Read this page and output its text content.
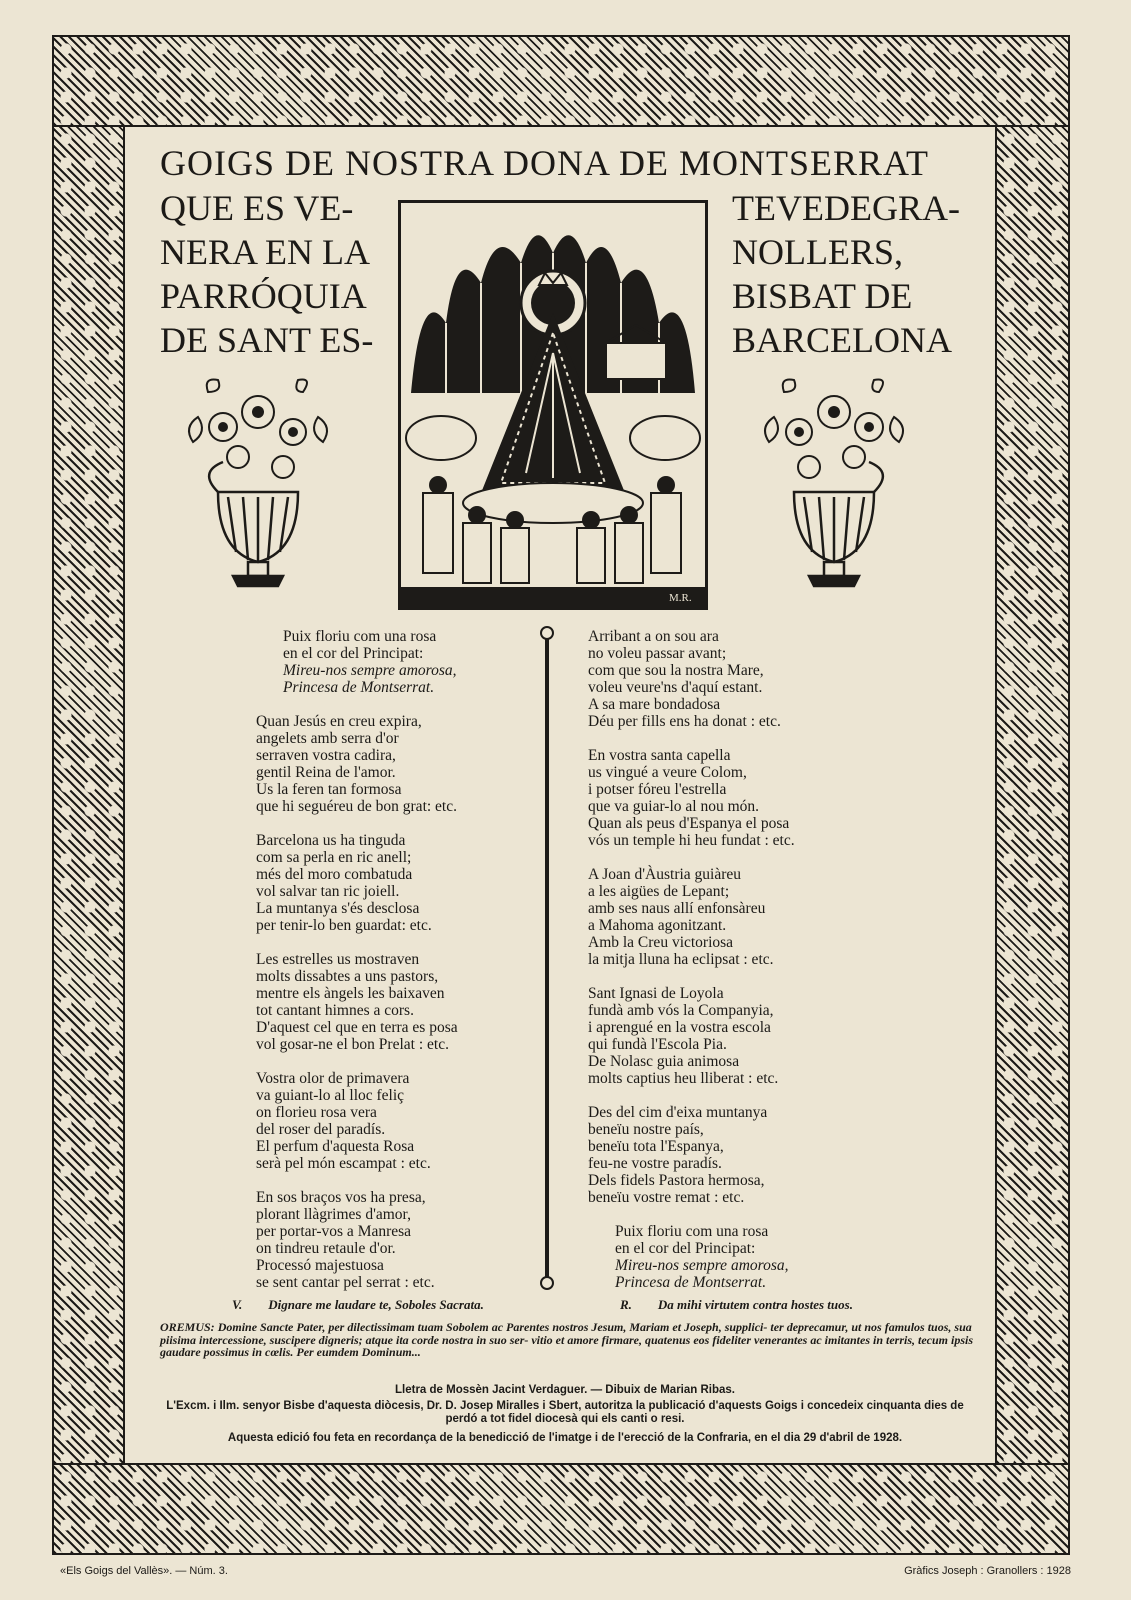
GOIGS DE NOSTRA DONA DE MONTSERRAT
QUE ES VE-
NERA EN LA
PARRÓQUIA
DE SANT ES-
TEVEDEGRA-
NOLLERS,
BISBAT DE
BARCELONA
M.R.
Puix floriu com una rosa
en el cor del Principat:
Mireu-nos sempre amorosa,
Princesa de Montserrat.
Quan Jesús en creu expira,
angelets amb serra d'or
serraven vostra cadira,
gentil Reina de l'amor.
Us la feren tan formosa
que hi seguéreu de bon grat: etc.
Barcelona us ha tinguda
com sa perla en ric anell;
més del moro combatuda
vol salvar tan ric joiell.
La muntanya s'és desclosa
per tenir-lo ben guardat: etc.
Les estrelles us mostraven
molts dissabtes a uns pastors,
mentre els àngels les baixaven
tot cantant himnes a cors.
D'aquest cel que en terra es posa
vol gosar-ne el bon Prelat : etc.
Vostra olor de primavera
va guiant-lo al lloc feliç
on florieu rosa vera
del roser del paradís.
El perfum d'aquesta Rosa
serà pel món escampat : etc.
En sos braços vos ha presa,
plorant llàgrimes d'amor,
per portar-vos a Manresa
on tindreu retaule d'or.
Processó majestuosa
se sent cantar pel serrat : etc.
Arribant a on sou ara
no voleu passar avant;
com que sou la nostra Mare,
voleu veure'ns d'aquí estant.
A sa mare bondadosa
Déu per fills ens ha donat : etc.
En vostra santa capella
us vingué a veure Colom,
i potser fóreu l'estrella
que va guiar-lo al nou món.
Quan als peus d'Espanya el posa
vós un temple hi heu fundat : etc.
A Joan d'Àustria guiàreu
a les aigües de Lepant;
amb ses naus allí enfonsàreu
a Mahoma agonitzant.
Amb la Creu victoriosa
la mitja lluna ha eclipsat : etc.
Sant Ignasi de Loyola
fundà amb vós la Companyia,
i aprengué en la vostra escola
qui fundà l'Escola Pia.
De Nolasc guia animosa
molts captius heu lliberat : etc.
Des del cim d'eixa muntanya
beneïu nostre país,
beneïu tota l'Espanya,
feu-ne vostre paradís.
Dels fidels Pastora hermosa,
beneïu vostre remat : etc.
Puix floriu com una rosa
en el cor del Principat:
Mireu-nos sempre amorosa,
Princesa de Montserrat.
V. Dignare me laudare te, Soboles Sacrata.	R. Da mihi virtutem contra hostes tuos.
OREMUS: Domine Sancte Pater, per dilectissimam tuam Sobolem ac Parentes nostros Jesum, Mariam et Joseph, supplici- ter deprecamur, ut nos famulos tuos, sua piisima intercessione, suscipere digneris; atque ita corde nostra in suo ser- vitio et amore firmare, quatenus eos fideliter venerantes ac imitantes in terris, tecum ipsis gaudare possimus in cœlis. Per eumdem Dominum...
Lletra de Mossèn Jacint Verdaguer. — Dibuix de Marian Ribas.
L'Excm. i Ilm. senyor Bisbe d'aquesta diòcesis, Dr. D. Josep Miralles i Sbert, autoritza la publicació d'aquests Goigs i concedeix cinquanta dies de perdó a tot fidel diocesà qui els canti o resi.
Aquesta edició fou feta en recordança de la benedicció de l'imatge i de l'erecció de la Confraria, en el dia 29 d'abril de 1928.
«Els Goigs del Vallès». — Núm. 3.	Gràfics Joseph : Granollers : 1928
